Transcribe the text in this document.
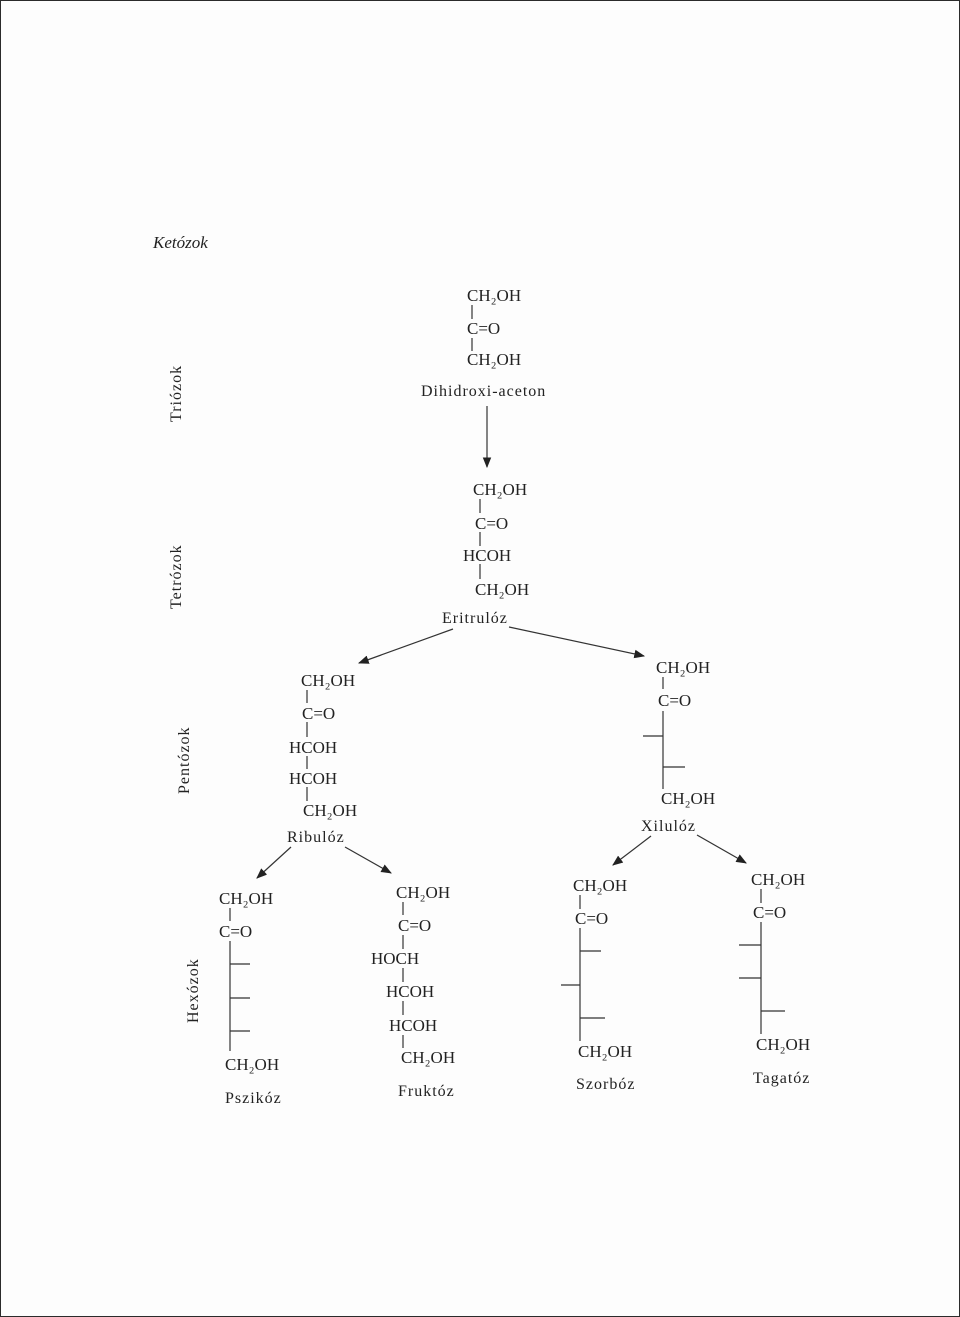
Ketózok
Triózok
Tetrózok
Pentózok
Hexózok
CH₂OH
C=O
CH₂OH
Dihidroxi-aceton
CH₂OH
C=O
HCOH
CH₂OH
Eritrulóz
CH₂OH
C=O
HCOH
HCOH
CH₂OH
Ribulóz
CH₂OH
C=O
CH₂OH
Xilulóz
CH₂OH
C=O
CH₂OH
Pszikóz
CH₂OH
C=O
HOCH
HCOH
HCOH
CH₂OH
Fruktóz
CH₂OH
C=O
CH₂OH
Szorbóz
CH₂OH
C=O
CH₂OH
Tagatóz
